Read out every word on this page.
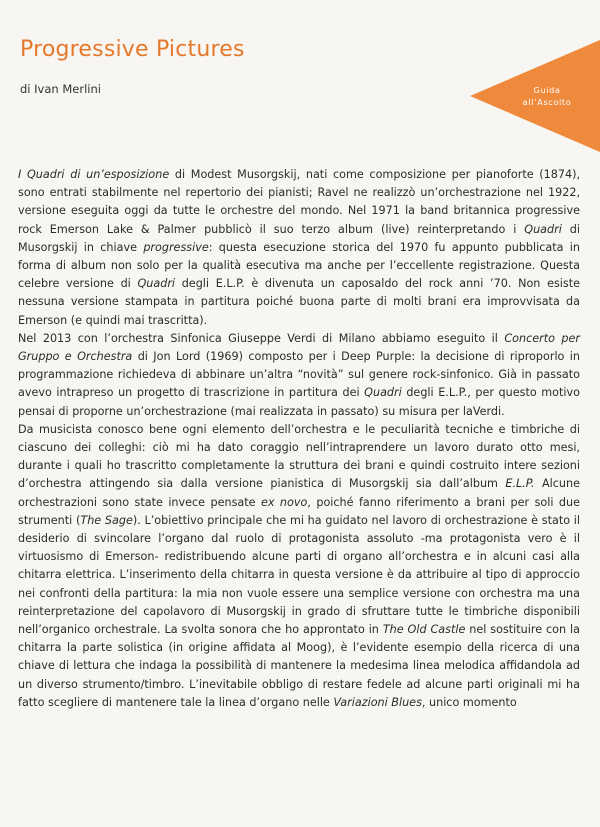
Progressive Pictures
di Ivan Merlini	Guida
all’Ascolto

I Quadri di un’esposizione di Modest Musorgskij, nati come composizione per pianoforte (1874), sono entrati stabilmente nel repertorio dei pianisti; Ravel ne realizzò un’orchestrazione nel 1922, versione eseguita oggi da tutte le orchestre del mondo. Nel 1971 la band britannica progressive rock Emerson Lake & Palmer pubblicò il suo terzo album (live) reinterpretando i Quadri di Musorgskij in chiave progressive: questa esecuzione storica del 1970 fu appunto pubblicata in forma di album non solo per la qualità esecutiva ma anche per l’eccellente registrazione. Questa celebre versione di Quadri degli E.L.P. è divenuta un caposaldo del rock anni ’70. Non esiste nessuna versione stampata in partitura poiché buona parte di molti brani era improvvisata da Emerson (e quindi mai trascritta).

Nel 2013 con l’orchestra Sinfonica Giuseppe Verdi di Milano abbiamo eseguito il Concerto per Gruppo e Orchestra di Jon Lord (1969) composto per i Deep Purple: la decisione di riproporlo in programmazione richiedeva di abbinare un’altra “novità” sul genere rock-sinfonico. Già in passato avevo intrapreso un progetto di trascrizione in partitura dei Quadri degli E.L.P., per questo motivo pensai di proporne un’orchestrazione (mai realizzata in passato) su misura per laVerdi.

Da musicista conosco bene ogni elemento dell’orchestra e le peculiarità tecniche e timbriche di ciascuno dei colleghi: ciò mi ha dato coraggio nell’intraprendere un lavoro durato otto mesi, durante i quali ho trascritto completamente la struttura dei brani e quindi costruito intere sezioni d’orchestra attingendo sia dalla versione pianistica di Musorgskij sia dall’album E.L.P. Alcune orchestrazioni sono state invece pensate ex novo, poiché fanno riferimento a brani per soli due strumenti (The Sage). L’obiettivo principale che mi ha guidato nel lavoro di orchestrazione è stato il desiderio di svincolare l’organo dal ruolo di protagonista assoluto -ma protagonista vero è il virtuosismo di Emerson- redistribuendo alcune parti di organo all’orchestra e in alcuni casi alla chitarra elettrica. L’inserimento della chitarra in questa versione è da attribuire al tipo di approccio nei confronti della partitura: la mia non vuole essere una semplice versione con orchestra ma una reinterpretazione del capolavoro di Musorgskij in grado di sfruttare tutte le timbriche disponibili nell’organico orchestrale. La svolta sonora che ho approntato in The Old Castle nel sostituire con la chitarra la parte solistica (in origine affidata al Moog), è l’evidente esempio della ricerca di una chiave di lettura che indaga la possibilità di mantenere la medesima linea melodica affidandola ad un diverso strumento/timbro. L’inevitabile obbligo di restare fedele ad alcune parti originali mi ha fatto scegliere di mantenere tale la linea d’organo nelle Variazioni Blues, unico momento
